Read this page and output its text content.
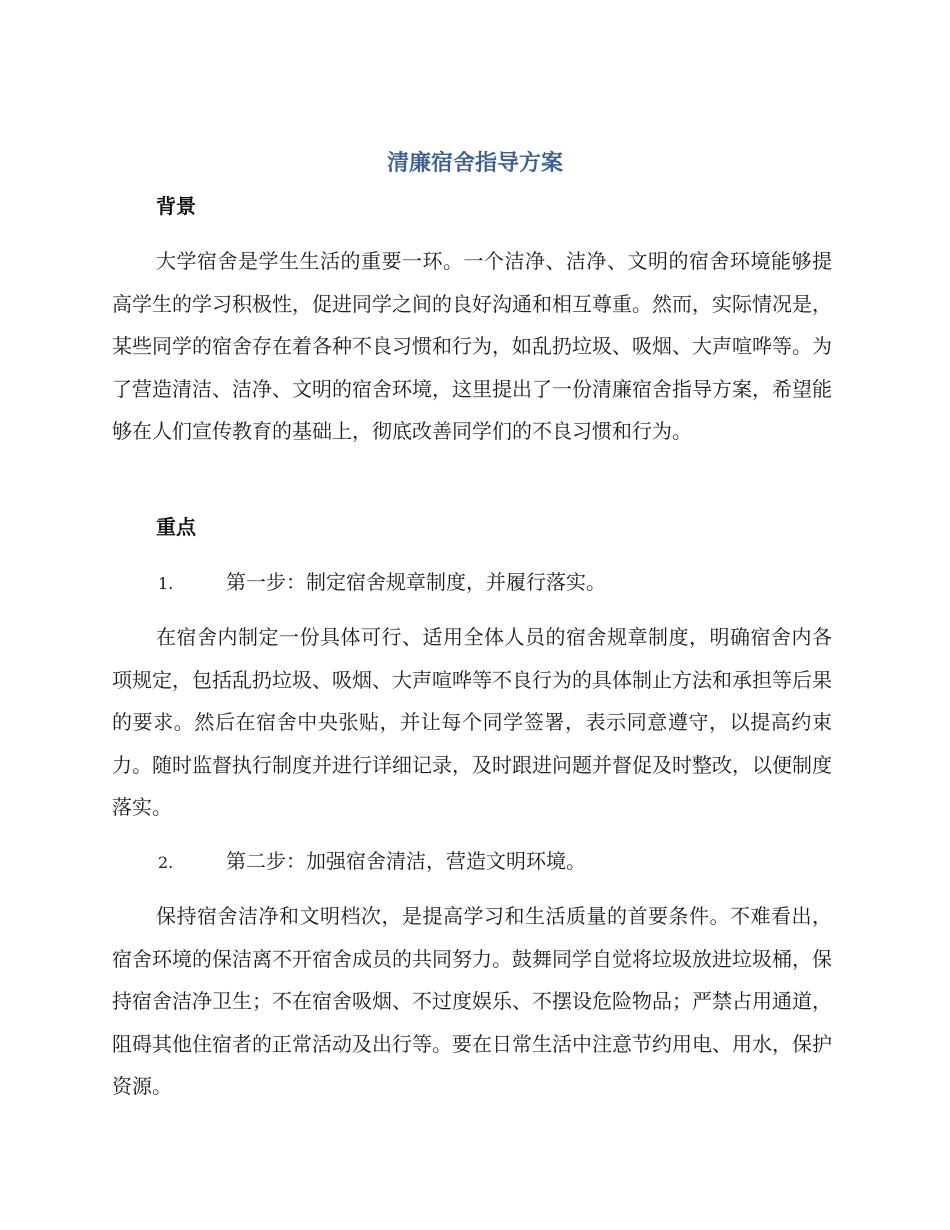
清廉宿舍指导方案
背景
大学宿舍是学生生活的重要一环。一个洁净、洁净、文明的宿舍环境能够提高学生的学习积极性，促进同学之间的良好沟通和相互尊重。然而，实际情况是，某些同学的宿舍存在着各种不良习惯和行为，如乱扔垃圾、吸烟、大声喧哗等。为了营造清洁、洁净、文明的宿舍环境，这里提出了一份清廉宿舍指导方案，希望能够在人们宣传教育的基础上，彻底改善同学们的不良习惯和行为。
重点
1.	第一步：制定宿舍规章制度，并履行落实。
在宿舍内制定一份具体可行、适用全体人员的宿舍规章制度，明确宿舍内各项规定，包括乱扔垃圾、吸烟、大声喧哗等不良行为的具体制止方法和承担等后果的要求。然后在宿舍中央张贴，并让每个同学签署，表示同意遵守，以提高约束力。随时监督执行制度并进行详细记录，及时跟进问题并督促及时整改，以便制度落实。
2.	第二步：加强宿舍清洁，营造文明环境。
保持宿舍洁净和文明档次，是提高学习和生活质量的首要条件。不难看出，宿舍环境的保洁离不开宿舍成员的共同努力。鼓舞同学自觉将垃圾放进垃圾桶，保持宿舍洁净卫生；不在宿舍吸烟、不过度娱乐、不摆设危险物品；严禁占用通道，阻碍其他住宿者的正常活动及出行等。要在日常生活中注意节约用电、用水，保护资源。
